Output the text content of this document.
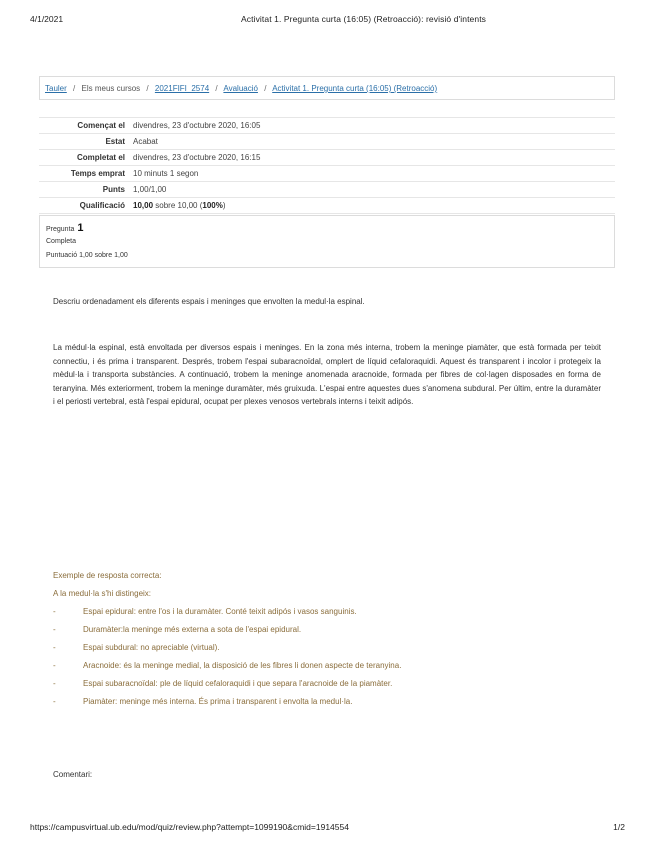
4/1/2021	Activitat 1. Pregunta curta (16:05) (Retroacció): revisió d'intents
Tauler / Els meus cursos / 2021FIFI_2574 / Avaluació / Activitat 1. Pregunta curta (16:05) (Retroacció)
Començat el	divendres, 23 d'octubre 2020, 16:05
Estat	Acabat
Completat el	divendres, 23 d'octubre 2020, 16:15
Temps emprat	10 minuts 1 segon
Punts	1,00/1,00
Qualificació	10,00 sobre 10,00 (100%)
Pregunta 1
Completa
Puntuació 1,00 sobre 1,00
Descriu ordenadament els diferents espais i meninges que envolten la medul·la espinal.

La médul·la espinal, està envoltada per diversos espais i meninges. En la zona més interna, trobem la meninge piamàter, que està formada per teixit connectiu, i és prima i transparent. Després, trobem l'espai subaracnoïdal, omplert de líquid cefaloraquidi. Aquest és transparent i incolor i protegeix la mèdul·la i transporta substàncies. A continuació, trobem la meninge anomenada aracnoide, formada per fibres de col·lagen disposades en forma de teranyina. Més exteriorment, trobem la meninge duramàter, més gruixuda. L'espai entre aquestes dues s'anomena subdural. Per últim, entre la duramàter i el periosti vertebral, està l'espai epidural, ocupat per plexes venosos vertebrals interns i teixit adipós.

Exemple de resposta correcta:
A la medul·la s'hi distingeix:
-	Espai epidural: entre l'os i la duramàter. Conté teixit adipós i vasos sanguinis.
-	Duramàter:la meninge més externa a sota de l'espai epidural.
-	Espai subdural: no apreciable (virtual).
-	Aracnoide: és la meninge medial, la disposició de les fibres li donen aspecte de teranyina.
-	Espai subaracnoïdal: ple de líquid cefaloraquidi i que separa l'aracnoide de la piamàter.
-	Piamàter: meninge més interna. És prima i transparent i envolta la medul·la.
Comentari:
https://campusvirtual.ub.edu/mod/quiz/review.php?attempt=1099190&cmid=1914554	1/2
